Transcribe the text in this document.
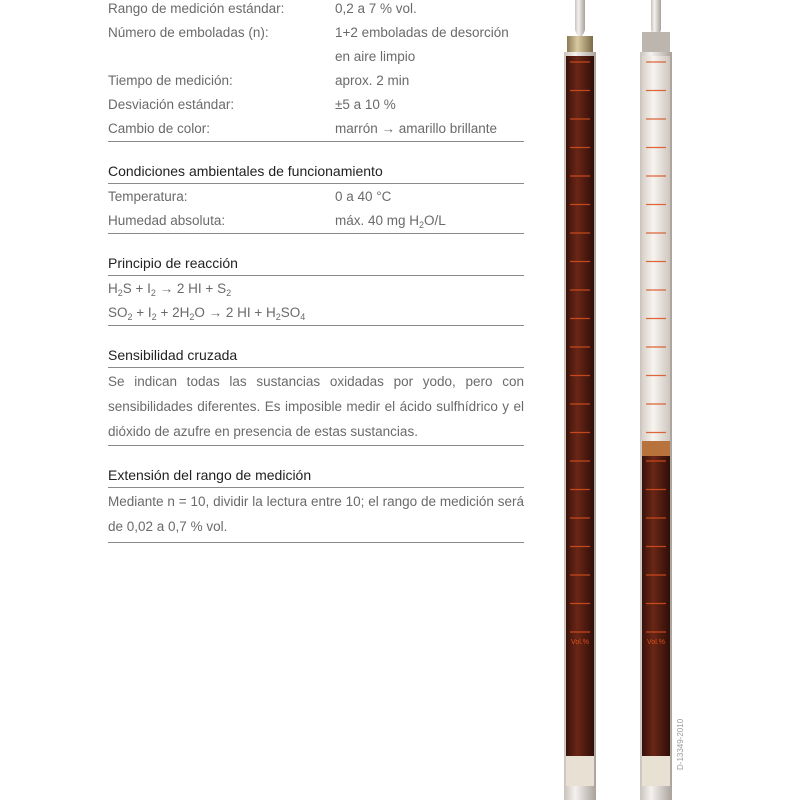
Rango de medición estándar:	0,2 a 7 % vol.
Número de emboladas (n):	1+2 emboladas de desorción
en aire limpio
Tiempo de medición:	aprox. 2 min
Desviación estándar:	±5 a 10 %
Cambio de color:	marrón → amarillo brillante
Condiciones ambientales de funcionamiento
Temperatura:	0 a 40 °C
Humedad absoluta:	máx. 40 mg $H_2O/L$
Principio de reacción
$H_2S + I_2 \to 2$ HI + $S_2$
$SO_2 + I_2 + 2H_2O \to 2$ HI + $H_2SO_4$
Sensibilidad cruzada
Se indican todas las sustancias oxidadas por yodo, pero con sensibilidades diferentes. Es imposible medir el ácido sulfhídrico y el dióxido de azufre en presencia de estas sustancias.
Extensión del rango de medición
Mediante n = 10, dividir la lectura entre 10; el rango de medición será de 0,02 a 0,7 % vol.
Vol.%	Vol.%
D-13349-2010
